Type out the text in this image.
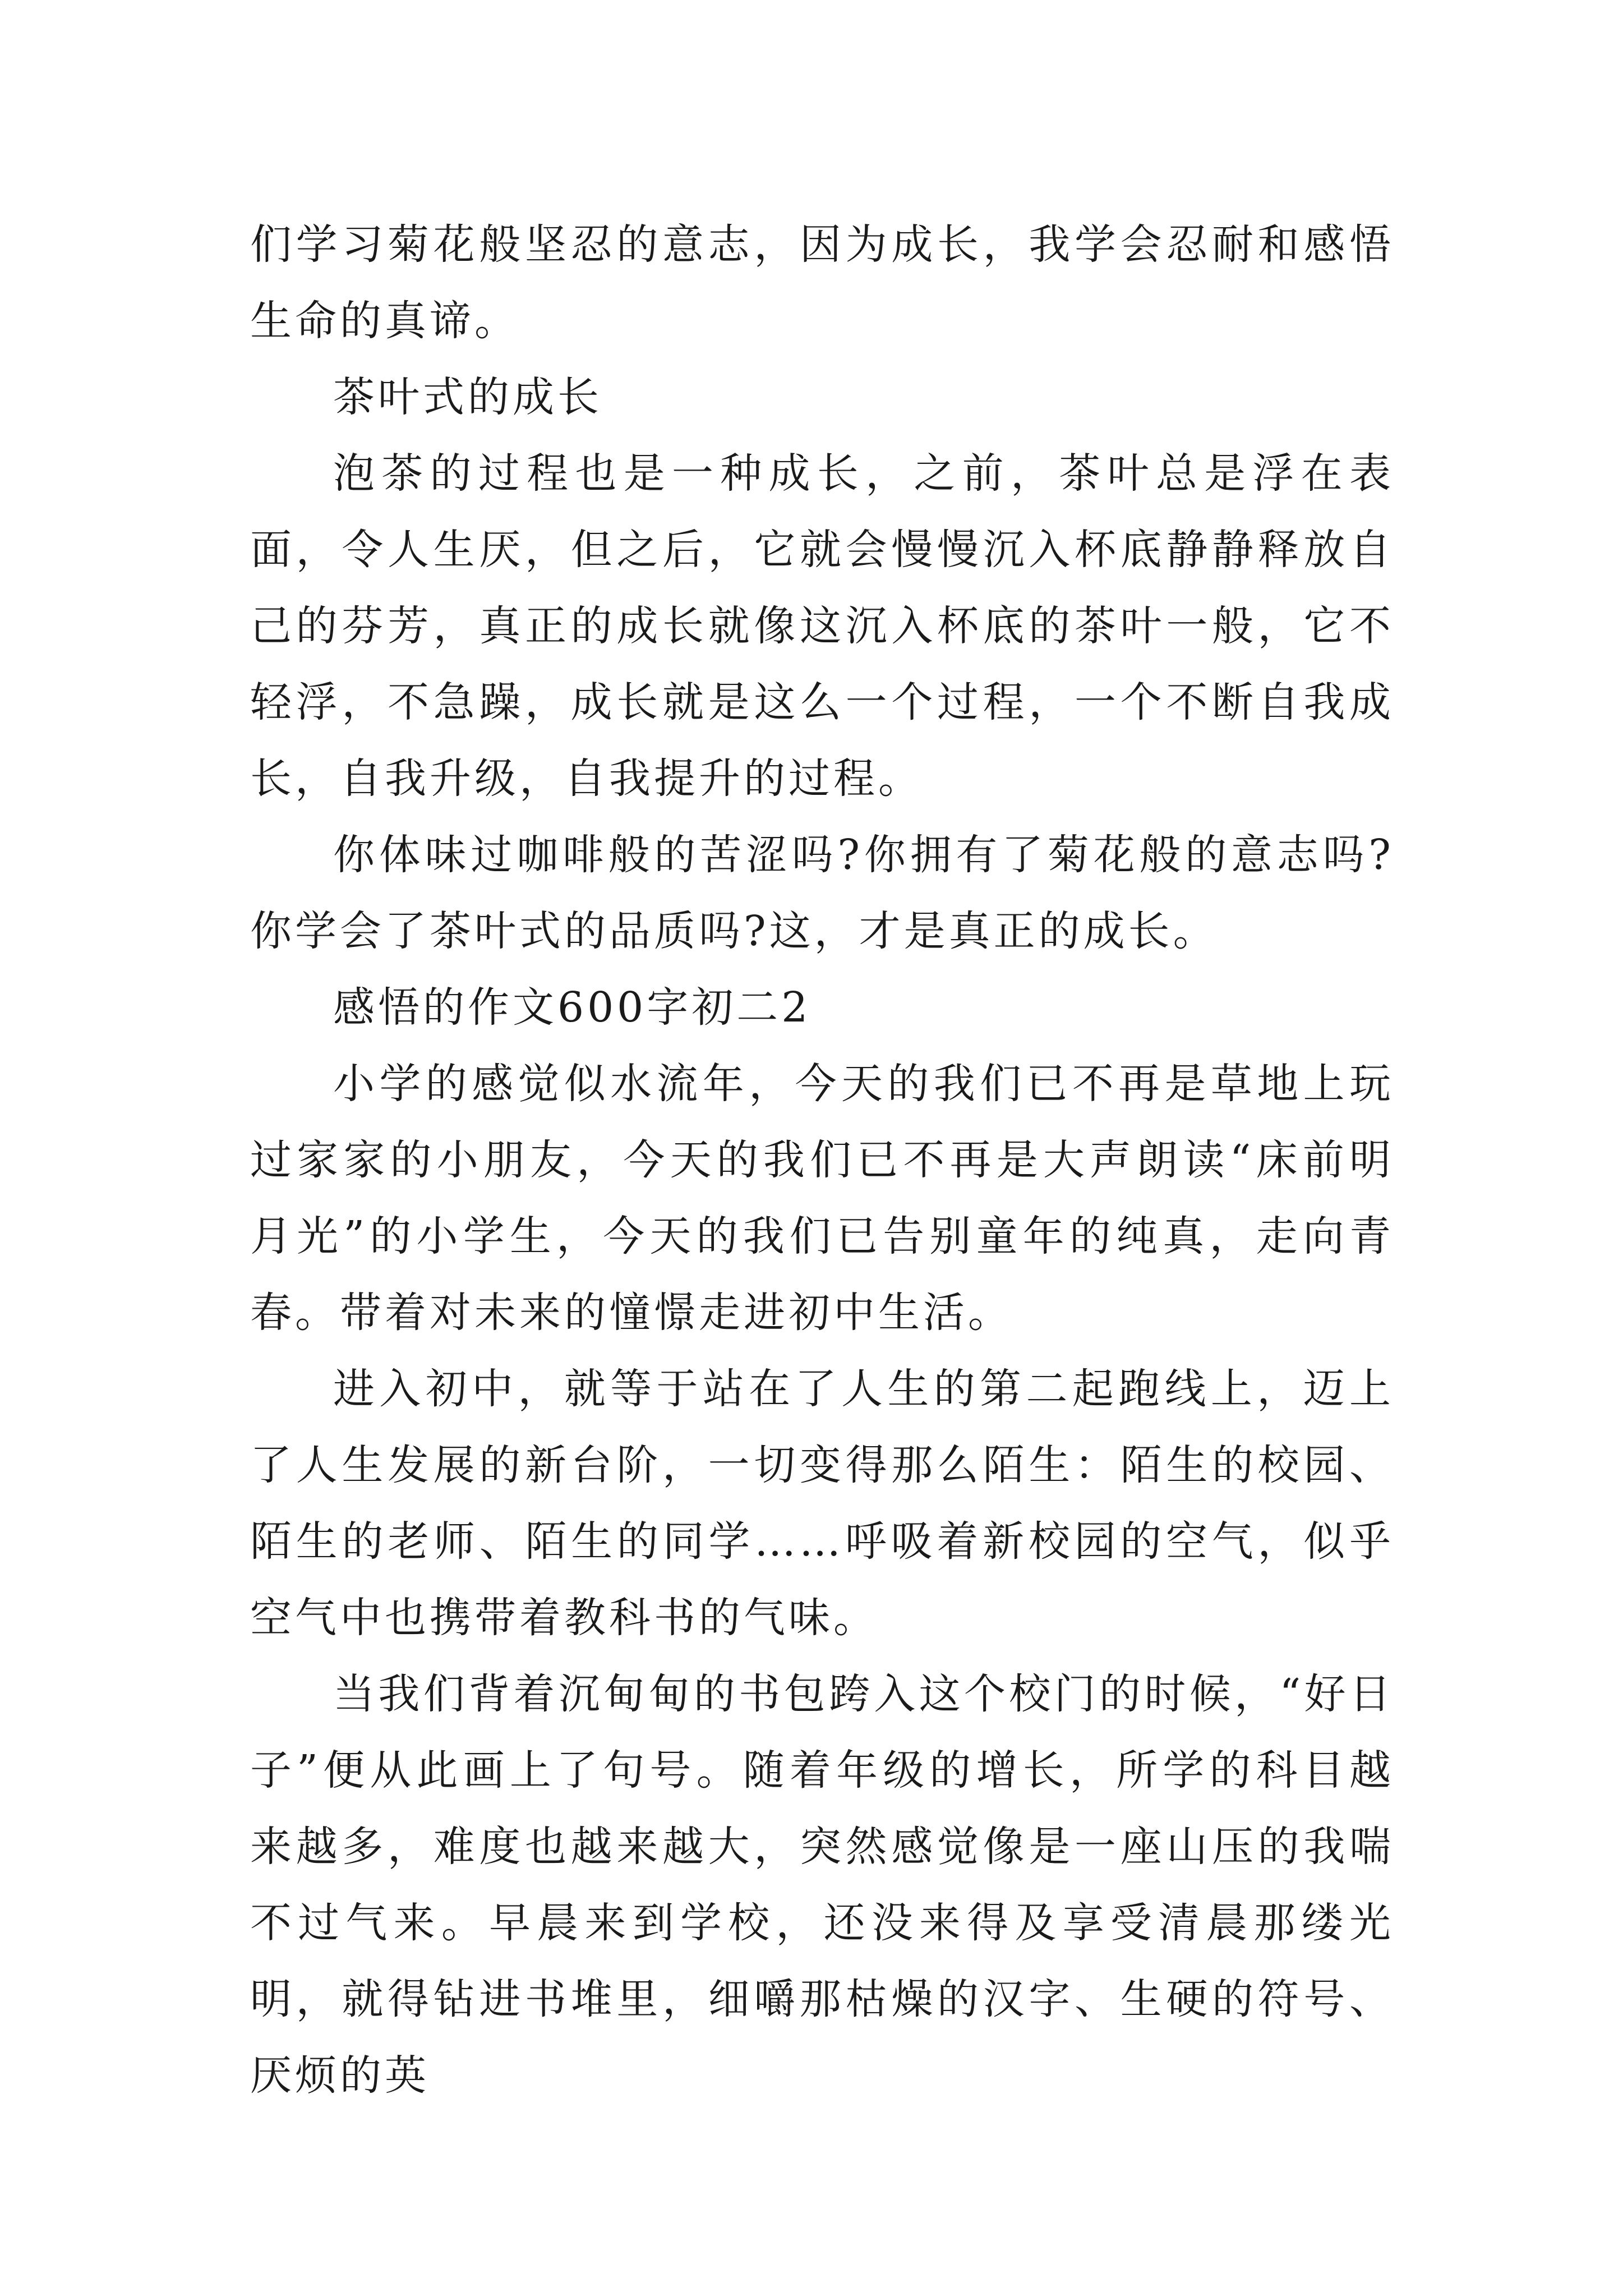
们学习菊花般坚忍的意志，因为成长，我学会忍耐和感悟生命的真谛。

茶叶式的成长

泡茶的过程也是一种成长，之前，茶叶总是浮在表面，令人生厌，但之后，它就会慢慢沉入杯底静静释放自己的芬芳，真正的成长就像这沉入杯底的茶叶一般，它不轻浮，不急躁，成长就是这么一个过程，一个不断自我成长，自我升级，自我提升的过程。

你体味过咖啡般的苦涩吗?你拥有了菊花般的意志吗?你学会了茶叶式的品质吗?这，才是真正的成长。

感悟的作文600字初二2

小学的感觉似水流年，今天的我们已不再是草地上玩过家家的小朋友，今天的我们已不再是大声朗读“床前明月光”的小学生，今天的我们已告别童年的纯真，走向青春。带着对未来的憧憬走进初中生活。

进入初中，就等于站在了人生的第二起跑线上，迈上了人生发展的新台阶，一切变得那么陌生：陌生的校园、陌生的老师、陌生的同学……呼吸着新校园的空气，似乎空气中也携带着教科书的气味。

当我们背着沉甸甸的书包跨入这个校门的时候，“好日子”便从此画上了句号。随着年级的增长，所学的科目越来越多，难度也越来越大，突然感觉像是一座山压的我喘不过气来。早晨来到学校，还没来得及享受清晨那缕光明，就得钻进书堆里，细嚼那枯燥的汉字、生硬的符号、厌烦的英
